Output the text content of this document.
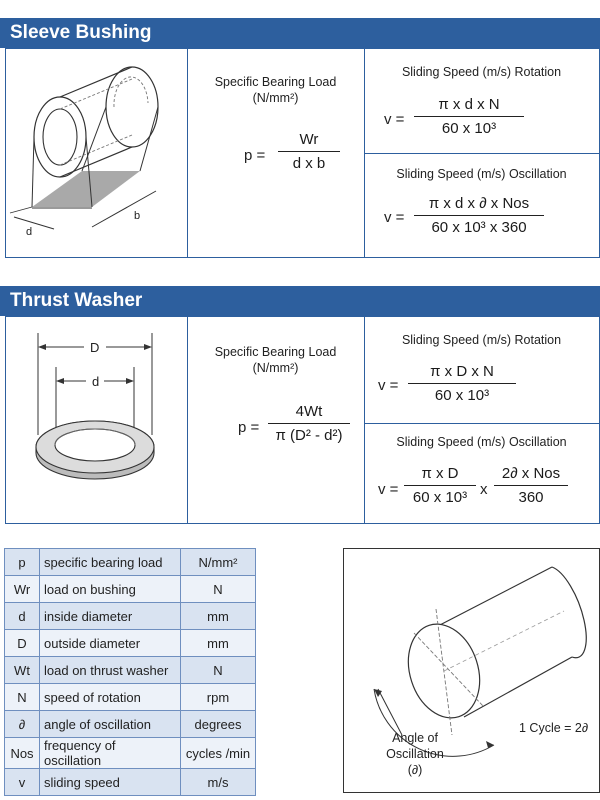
Sleeve Bushing
d
b
Specific Bearing Load
(N/mm²)
$p = \frac{Wr}{\text{d x b}}$
Sliding Speed (m/s) Rotation
$v = \frac{\text{π x d x N}}{\text{60 x 10³}}$
Sliding Speed (m/s) Oscillation
v =
π x d x ∂ x Nos
60 x 10³ x 360
Thrust Washer
D
d
Specific Bearing Load
(N/mm²)
$p = \frac{4Wt}{\text{π (D² - d²)}}$
Sliding Speed (m/s) Rotation
$v = \frac{\text{π x D x N}}{\text{60 x 10³}}$
Sliding Speed (m/s) Oscillation
$v = \frac{\text{π x D}}{\text{60 x 10³}}$ x
2∂ x Nos
360
p	specific bearing load	N/mm²
Wr	load on bushing	N
d	inside diameter	mm
D	outside diameter	mm
Wt	load on thrust washer	N
N	speed of rotation	rpm
∂	angle of oscillation	degrees
Nos	frequency of oscillation	cycles /min
v	sliding speed	m/s
1 Cycle = 2∂
Angle of
Oscillation
(∂)
